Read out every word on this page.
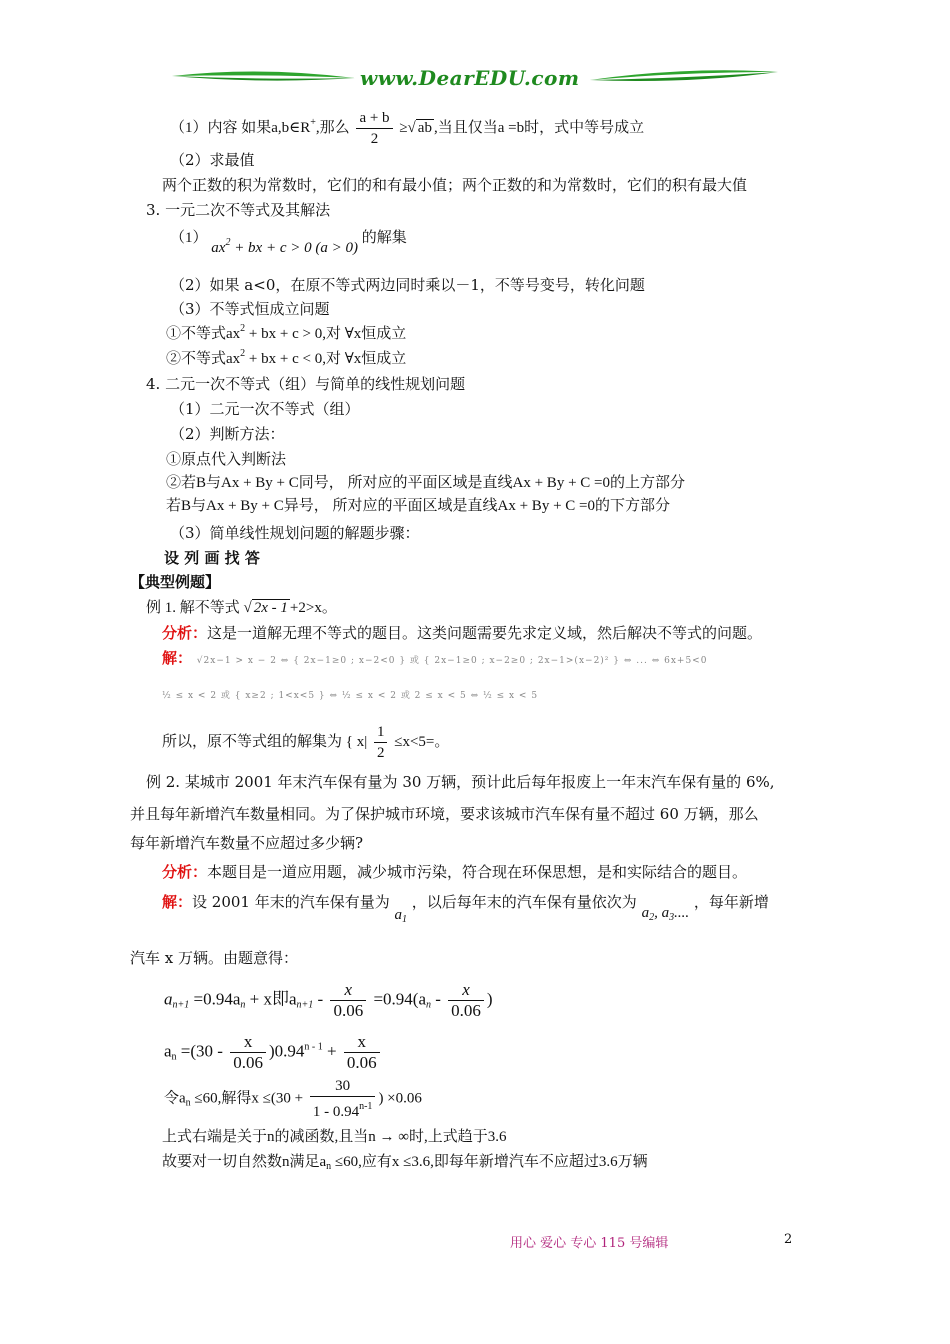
www.DearEDU.com
（1）内容 如果a,b∈R+,那么 $\frac{a + b}{2}$ ≥√ ab ,当且仅当a =b时，式中等号成立
（2）求最值
两个正数的积为常数时，它们的和有最小值；两个正数的和为常数时，它们的积有最大值
3. 一元二次不等式及其解法
（1） $ax^2$ + bx + c > 0 (a > 0) 的解集
（2）如果 a<0，在原不等式两边同时乘以－1，不等号变号，转化问题
（3）不等式恒成立问题
①不等式$ax^2$ + bx + c > 0,对 ∀x恒成立
②不等式$ax^2$ + bx + c < 0,对 ∀x恒成立
4. 二元一次不等式（组）与简单的线性规划问题
（1）二元一次不等式（组）
（2）判断方法：
①原点代入判断法
②若B与Ax + By + C同号， 所对应的平面区域是直线Ax + By + C =0的上方部分
若B与Ax + By + C异号， 所对应的平面区域是直线Ax + By + C =0的下方部分
（3）简单线性规划问题的解题步骤：
设 列 画 找 答
【典型例题】
例 1. 解不等式 √ 2x - 1 +2>x。
分析：这是一道解无理不等式的题目。这类问题需要先求定义域，然后解决不等式的问题。
解： √2x−1 > x − 2 ⇔ { 2x−1≥0 ; x−2<0 } 或 { 2x−1≥0 ; x−2≥0 ; 2x−1>(x−2)² } ⇔ ... ⇔ 6x+5<0
½ ≤ x < 2 或 { x≥2 ; 1<x<5 } ⇔ ½ ≤ x < 2 或 2 ≤ x < 5 ⇔ ½ ≤ x < 5
所以，原不等式组的解集为 { $x| \frac{1}{2} \le x<5=$。
例 2. 某城市 2001 年末汽车保有量为 30 万辆，预计此后每年报废上一年末汽车保有量的 6%,
并且每年新增汽车数量相同。为了保护城市环境，要求该城市汽车保有量不超过 60 万辆，那么
每年新增汽车数量不应超过多少辆?
分析：本题目是一道应用题，减少城市污染，符合现在环保思想，是和实际结合的题目。
解：设 2001 年末的汽车保有量为 $a_1$ ，以后每年末的汽车保有量依次为 $a_2$, $a_3$.... ，每年新增
汽车 x 万辆。由题意得：
$a_{n+1} =0.94a_n + x$即$a_{n+1} - \frac{x}{0.06} =0.94(a_n - \frac{x}{0.06}$ )
$a_n =(30 - \frac{x}{0.06} )0.94^{n - 1} + \frac{x}{0.06}$
令$a_n \le 60$,解得$x \le(30 + \frac{30}{1 - 0.94^{n-1}}$ ) ×0.06
上式右端是关于n的减函数,且当n → ∞时,上式趋于3.6
故要对一切自然数n满足$a_n \le 60$,应有x ≤3.6,即每年新增汽车不应超过3.6万辆
用心 爱心 专心 115 号编辑	2
